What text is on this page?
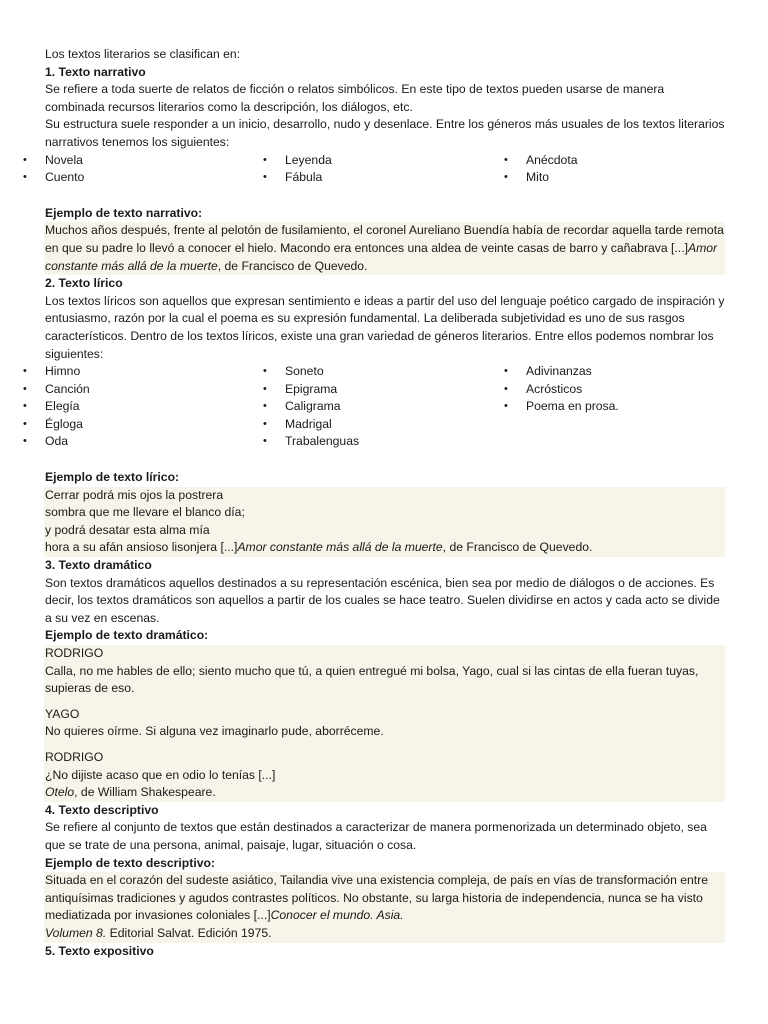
Los textos literarios se clasifican en:

1. Texto narrativo

Se refiere a toda suerte de relatos de ficción o relatos simbólicos. En este tipo de textos pueden usarse de manera combinada recursos literarios como la descripción, los diálogos, etc.

Su estructura suele responder a un inicio, desarrollo, nudo y desenlace. Entre los géneros más usuales de los textos literarios narrativos tenemos los siguientes:

• Novela	• Leyenda	• Anécdota
• Cuento	• Fábula	• Mito

Ejemplo de texto narrativo:

Muchos años después, frente al pelotón de fusilamiento, el coronel Aureliano Buendía había de recordar aquella tarde remota en que su padre lo llevó a conocer el hielo. Macondo era entonces una aldea de veinte casas de barro y cañabrava [...]Amor constante más allá de la muerte, de Francisco de Quevedo.

2. Texto lírico

Los textos líricos son aquellos que expresan sentimiento e ideas a partir del uso del lenguaje poético cargado de inspiración y entusiasmo, razón por la cual el poema es su expresión fundamental. La deliberada subjetividad es uno de sus rasgos característicos. Dentro de los textos líricos, existe una gran variedad de géneros literarios. Entre ellos podemos nombrar los siguientes:

• Himno	• Soneto	• Adivinanzas
• Canción	• Epigrama	• Acrósticos
• Elegía	• Caligrama	• Poema en prosa.
• Égloga	• Madrigal
• Oda	• Trabalenguas

Ejemplo de texto lírico:

Cerrar podrá mis ojos la postrera

sombra que me llevare el blanco día;

y podrá desatar esta alma mía

hora a su afán ansioso lisonjera [...]Amor constante más allá de la muerte, de Francisco de Quevedo.

3. Texto dramático

Son textos dramáticos aquellos destinados a su representación escénica, bien sea por medio de diálogos o de acciones. Es decir, los textos dramáticos son aquellos a partir de los cuales se hace teatro. Suelen dividirse en actos y cada acto se divide a su vez en escenas.

Ejemplo de texto dramático:

RODRIGO

Calla, no me hables de ello; siento mucho que tú, a quien entregué mi bolsa, Yago, cual si las cintas de ella fueran tuyas, supieras de eso.

YAGO

No quieres oírme. Si alguna vez imaginarlo pude, aborréceme.

RODRIGO

¿No dijiste acaso que en odio lo tenías [...]

Otelo, de William Shakespeare.

4. Texto descriptivo

Se refiere al conjunto de textos que están destinados a caracterizar de manera pormenorizada un determinado objeto, sea que se trate de una persona, animal, paisaje, lugar, situación o cosa.

Ejemplo de texto descriptivo:

Situada en el corazón del sudeste asiático, Tailandia vive una existencia compleja, de país en vías de transformación entre antiquísimas tradiciones y agudos contrastes políticos. No obstante, su larga historia de independencia, nunca se ha visto mediatizada por invasiones coloniales [...]Conocer el mundo. Asia.

Volumen 8. Editorial Salvat. Edición 1975.

5. Texto expositivo
